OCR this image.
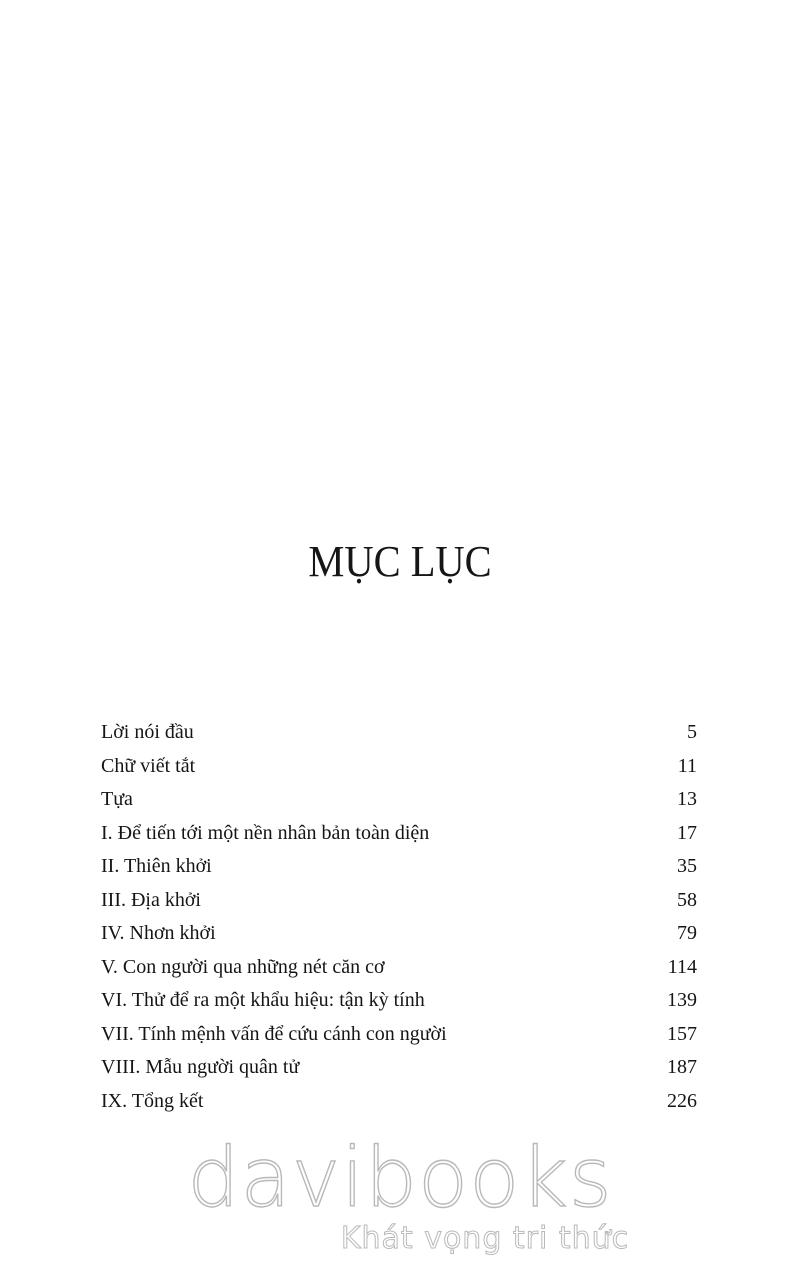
MỤC LỤC
Lời nói đầu	5
Chữ viết tắt	11
Tựa	13
I. Để tiến tới một nền nhân bản toàn diện	17
II. Thiên khởi	35
III. Địa khởi	58
IV. Nhơn khởi	79
V. Con người qua những nét căn cơ	114
VI. Thử để ra một khẩu hiệu: tận kỳ tính	139
VII. Tính mệnh vấn để cứu cánh con người	157
VIII. Mẫu người quân tử	187
IX. Tổng kết	226
davibooks
Khát vọng tri thức
